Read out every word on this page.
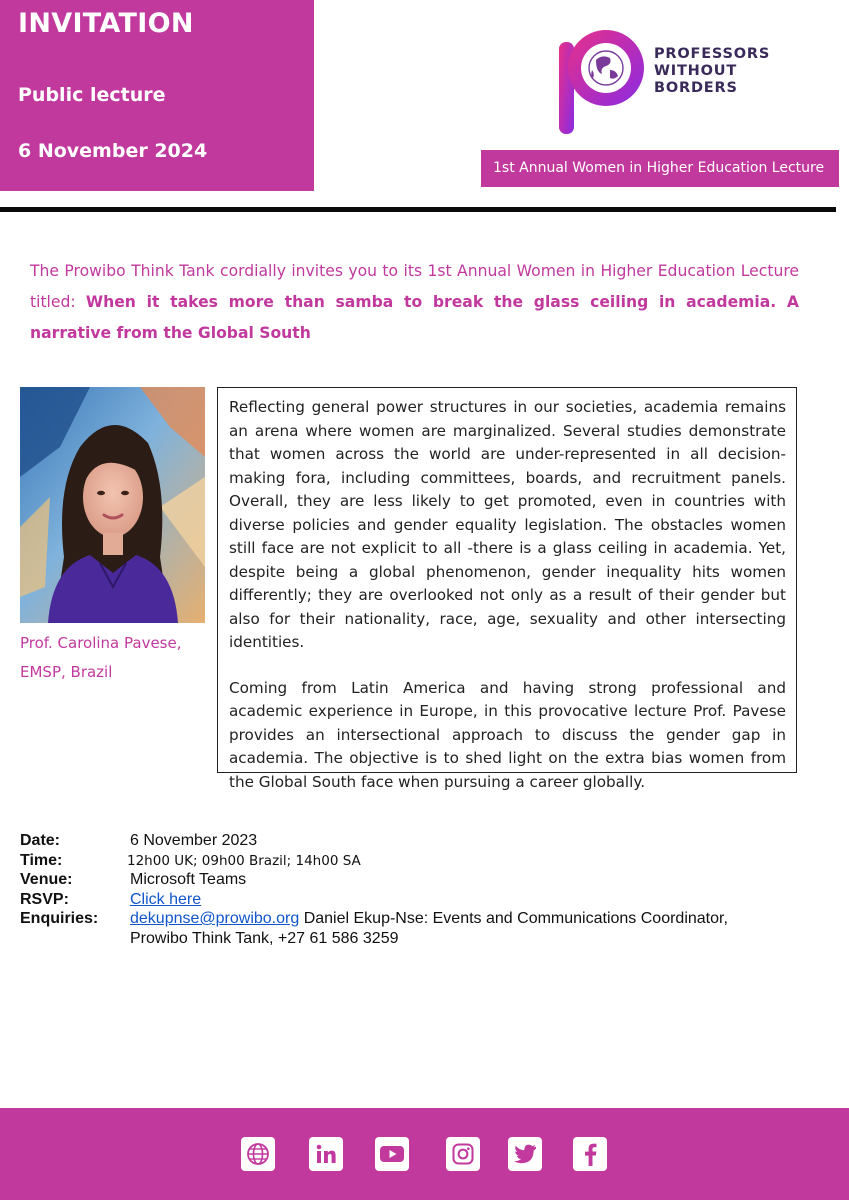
INVITATION
Public lecture
6 November 2024
PROFESSORS
WITHOUT
BORDERS
1st Annual Women in Higher Education Lecture
The Prowibo Think Tank cordially invites you to its 1st Annual Women in Higher Education Lecture titled: When it takes more than samba to break the glass ceiling in academia. A narrative from the Global South
Prof. Carolina Pavese,
EMSP, Brazil

Reflecting general power structures in our societies, academia remains an arena where women are marginalized. Several studies demonstrate that women across the world are under-represented in all decision-making fora, including committees, boards, and recruitment panels. Overall, they are less likely to get promoted, even in countries with diverse policies and gender equality legislation. The obstacles women still face are not explicit to all -there is a glass ceiling in academia. Yet, despite being a global phenomenon, gender inequality hits women differently; they are overlooked not only as a result of their gender but also for their nationality, race, age, sexuality and other intersecting identities.

Coming from Latin America and having strong professional and academic experience in Europe, in this provocative lecture Prof. Pavese provides an intersectional approach to discuss the gender gap in academia. The objective is to shed light on the extra bias women from the Global South face when pursuing a career globally.

Date:	6 November 2023
Time:	12h00 UK; 09h00 Brazil; 14h00 SA
Venue:	Microsoft Teams
RSVP:	Click here
Enquiries: dekupnse@prowibo.org Daniel Ekup-Nse: Events and Communications Coordinator,
Prowibo Think Tank, +27 61 586 3259
